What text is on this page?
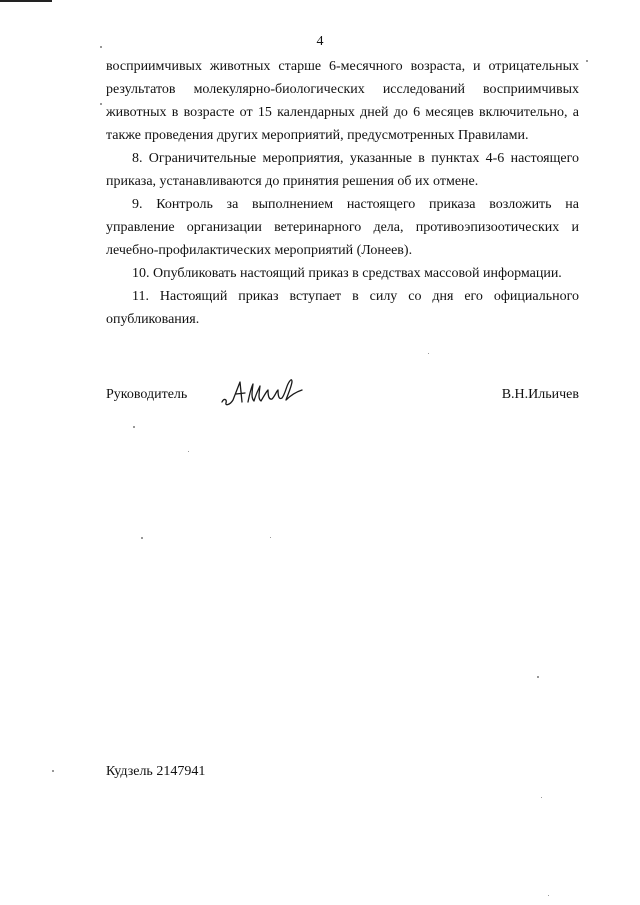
4

восприимчивых животных старше 6-месячного возраста, и отрицательных результатов молекулярно-биологических исследований восприимчивых животных в возрасте от 15 календарных дней до 6 месяцев включительно, а также проведения других мероприятий, предусмотренных Правилами.

8. Ограничительные мероприятия, указанные в пунктах 4-6 настоящего приказа, устанавливаются до принятия решения об их отмене.

9. Контроль за выполнением настоящего приказа возложить на управление организации ветеринарного дела, противоэпизоотических и лечебно-профилактических мероприятий (Лонеев).

10. Опубликовать настоящий приказ в средствах массовой информации.

11. Настоящий приказ вступает в силу со дня его официального опубликования.

Руководитель	В.Н.Ильичев
Кудзель 2147941
